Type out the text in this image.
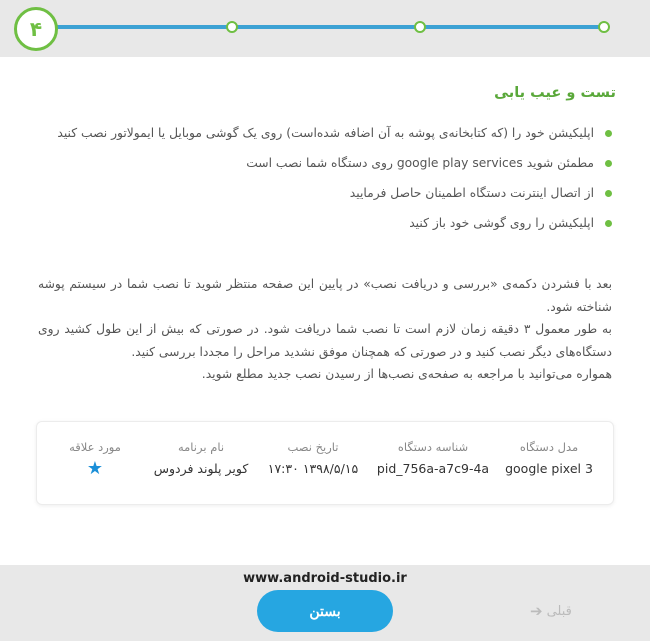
۴
تست و عیب یابی
اپلیکیشن خود را (که کتابخانه‌ی پوشه به آن اضافه شده‌است) روی یک گوشی موبایل یا ایمولاتور نصب کنید
مطمئن شوید google play services روی دستگاه شما نصب است
از اتصال اینترنت دستگاه اطمینان حاصل فرمایید
اپلیکیشن را روی گوشی خود باز کنید

بعد با فشردن دکمه‌ی «بررسی و دریافت نصب» در پایین این صفحه منتظر شوید تا نصب شما در سیستم پوشه شناخته شود.

به طور معمول ۳ دقیقه زمان لازم است تا نصب شما دریافت شود. در صورتی که بیش از این طول کشید روی دستگاه‌های دیگر نصب کنید و در صورتی که همچنان موفق نشدید مراحل را مجددا بررسی کنید.

همواره می‌توانید با مراجعه به صفحه‌ی نصب‌ها از رسیدن نصب جدید مطلع شوید.

مدل دستگاه
google pixel 3
شناسه دستگاه
pid_756a-a7c9-4a
تاریخ نصب
۱۳۹۸/۵/۱۵ ۱۷:۳۰
نام برنامه
کویر پلوند فردوس
مورد علاقه
★
www.android-studio.ir
بستن	قبلی
➔
